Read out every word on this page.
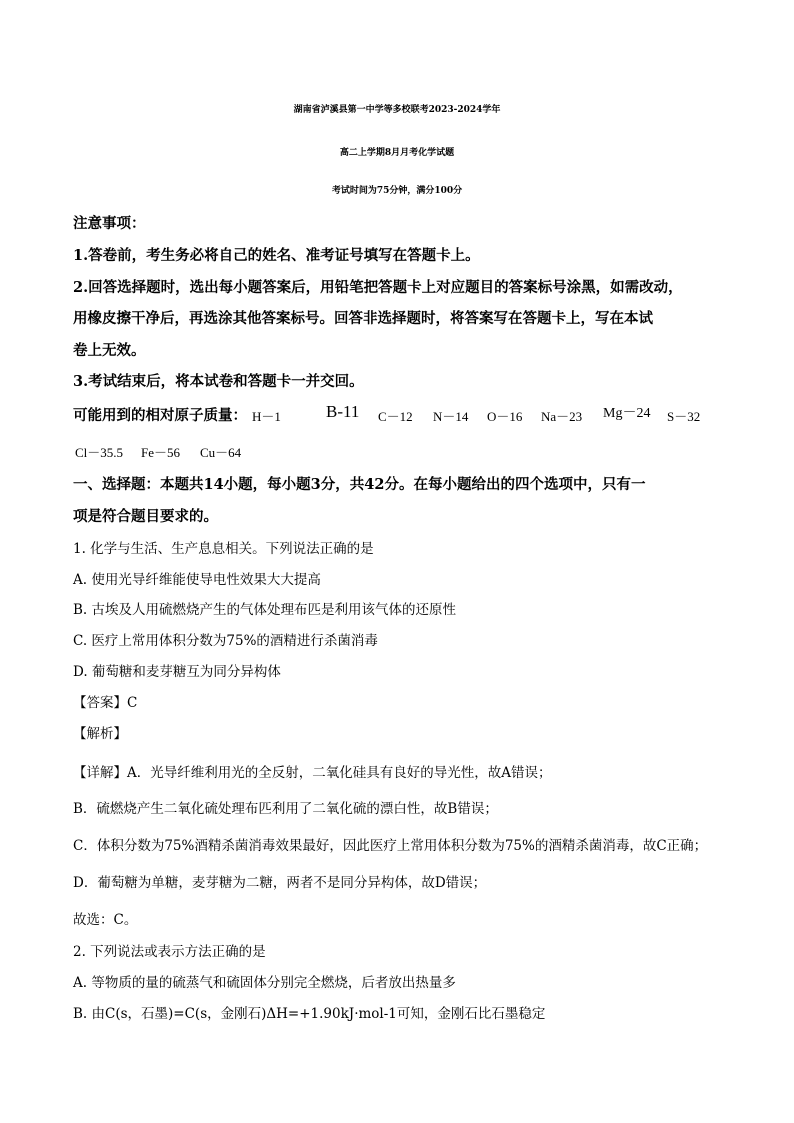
湖南省泸溪县第一中学等多校联考2023-2024学年
高二上学期8月月考化学试题
考试时间为75分钟，满分100分
注意事项：
1.答卷前，考生务必将自己的姓名、准考证号填写在答题卡上。
2.回答选择题时，选出每小题答案后，用铅笔把答题卡上对应题目的答案标号涂黑，如需改动，
用橡皮擦干净后，再选涂其他答案标号。回答非选择题时，将答案写在答题卡上，写在本试
卷上无效。
3.考试结束后，将本试卷和答题卡一并交回。
可能用到的相对原子质量： H－1	B-11 C－12 N－14 O－16 Na－23 Mg－24 S－32
Cl－35.5 Fe－56 Cu－64
一、选择题：本题共14小题，每小题3分，共42分。在每小题给出的四个选项中，只有一
项是符合题目要求的。
1. 化学与生活、生产息息相关。下列说法正确的是
A. 使用光导纤维能使导电性效果大大提高
B. 古埃及人用硫燃烧产生的气体处理布匹是利用该气体的还原性
C. 医疗上常用体积分数为75%的酒精进行杀菌消毒
D. 葡萄糖和麦芽糖互为同分异构体
【答案】C
【解析】
【详解】A．光导纤维利用光的全反射，二氧化硅具有良好的导光性，故A错误；
B．硫燃烧产生二氧化硫处理布匹利用了二氧化硫的漂白性，故B错误；
C．体积分数为75%酒精杀菌消毒效果最好，因此医疗上常用体积分数为75%的酒精杀菌消毒，故C正确；
D．葡萄糖为单糖，麦芽糖为二糖，两者不是同分异构体，故D错误；
故选：C。
2. 下列说法或表示方法正确的是
A. 等物质的量的硫蒸气和硫固体分别完全燃烧，后者放出热量多
B. 由C(s，石墨)=C(s，金刚石)ΔH=+1.90kJ·mol-1可知，金刚石比石墨稳定
